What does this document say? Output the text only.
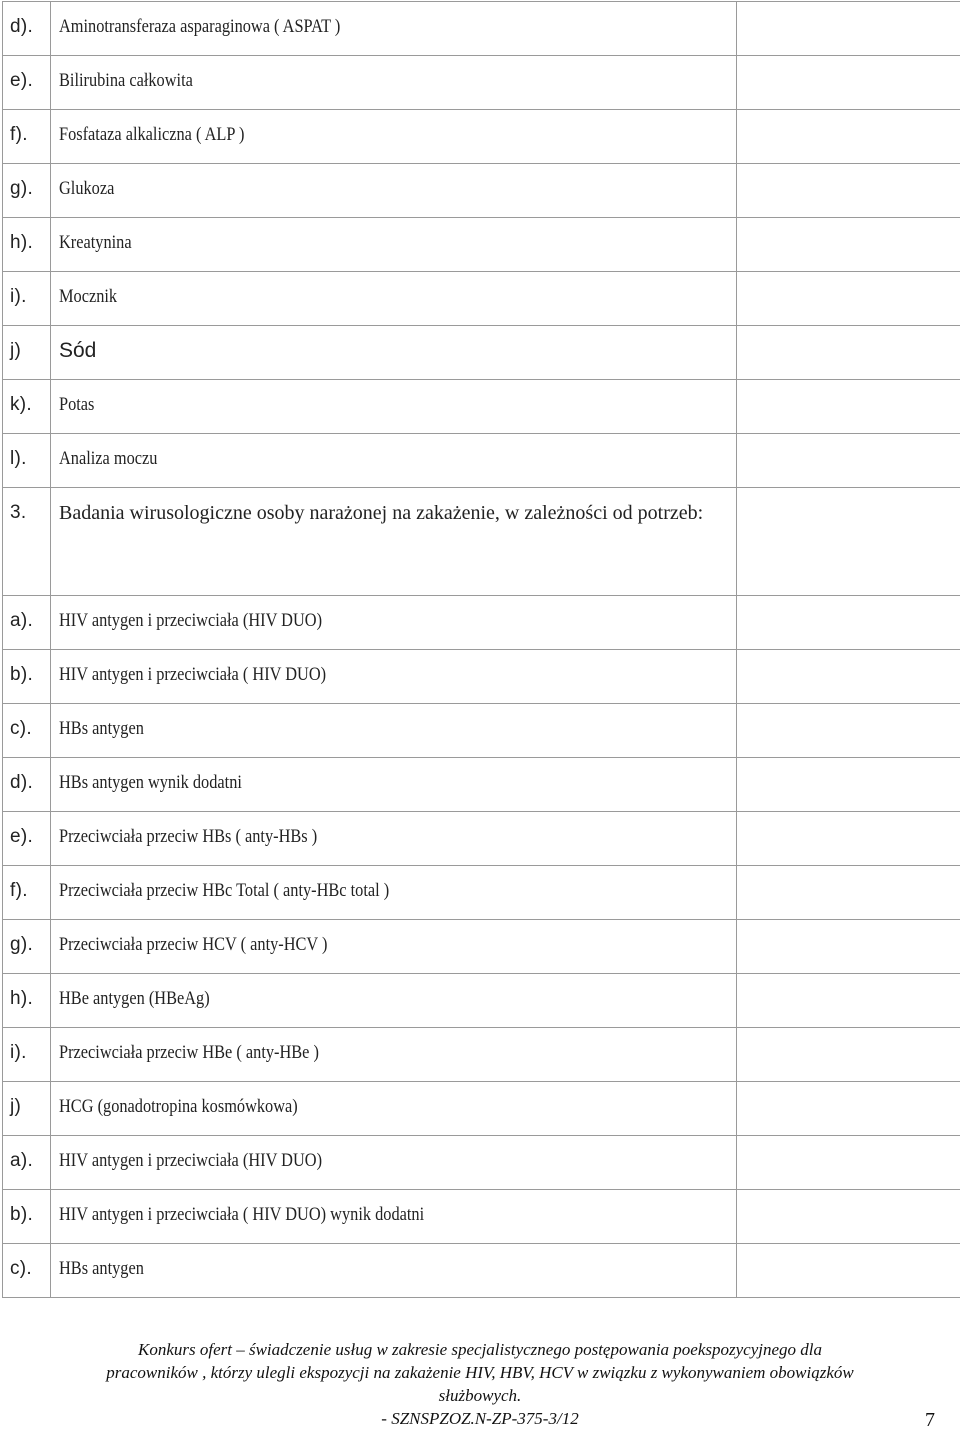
d).	Aminotransferaza asparaginowa ( ASPAT )	

e).	Bilirubina całkowita	

f).	Fosfataza alkaliczna ( ALP )	

g).	Glukoza	

h).	Kreatynina	

i).	Mocznik	

j)	Sód	

k).	Potas	

l).	Analiza moczu	

3.	Badania wirusologiczne osoby narażonej na zakażenie, w zależności od potrzeb:	

a).	HIV antygen i przeciwciała (HIV DUO)	

b).	HIV antygen i przeciwciała ( HIV DUO)	

c).	HBs antygen	

d).	HBs antygen wynik dodatni	

e).	Przeciwciała przeciw HBs ( anty-HBs )	

f).	Przeciwciała przeciw HBc Total ( anty-HBc total )	

g).	Przeciwciała przeciw HCV ( anty-HCV )	

h).	HBe antygen (HBeAg)	

i).	Przeciwciała przeciw HBe ( anty-HBe )	

j)	HCG (gonadotropina kosmówkowa)	

a).	HIV antygen i przeciwciała (HIV DUO)	

b).	HIV antygen i przeciwciała ( HIV DUO) wynik dodatni	

c).	HBs antygen	

Konkurs ofert – świadczenie usług w zakresie specjalistycznego postępowania poekspozycyjnego dla
pracowników , którzy ulegli ekspozycji na zakażenie HIV, HBV, HCV w związku z wykonywaniem obowiązków
służbowych.
- SZNSPZOZ.N-ZP-375-3/12	7
